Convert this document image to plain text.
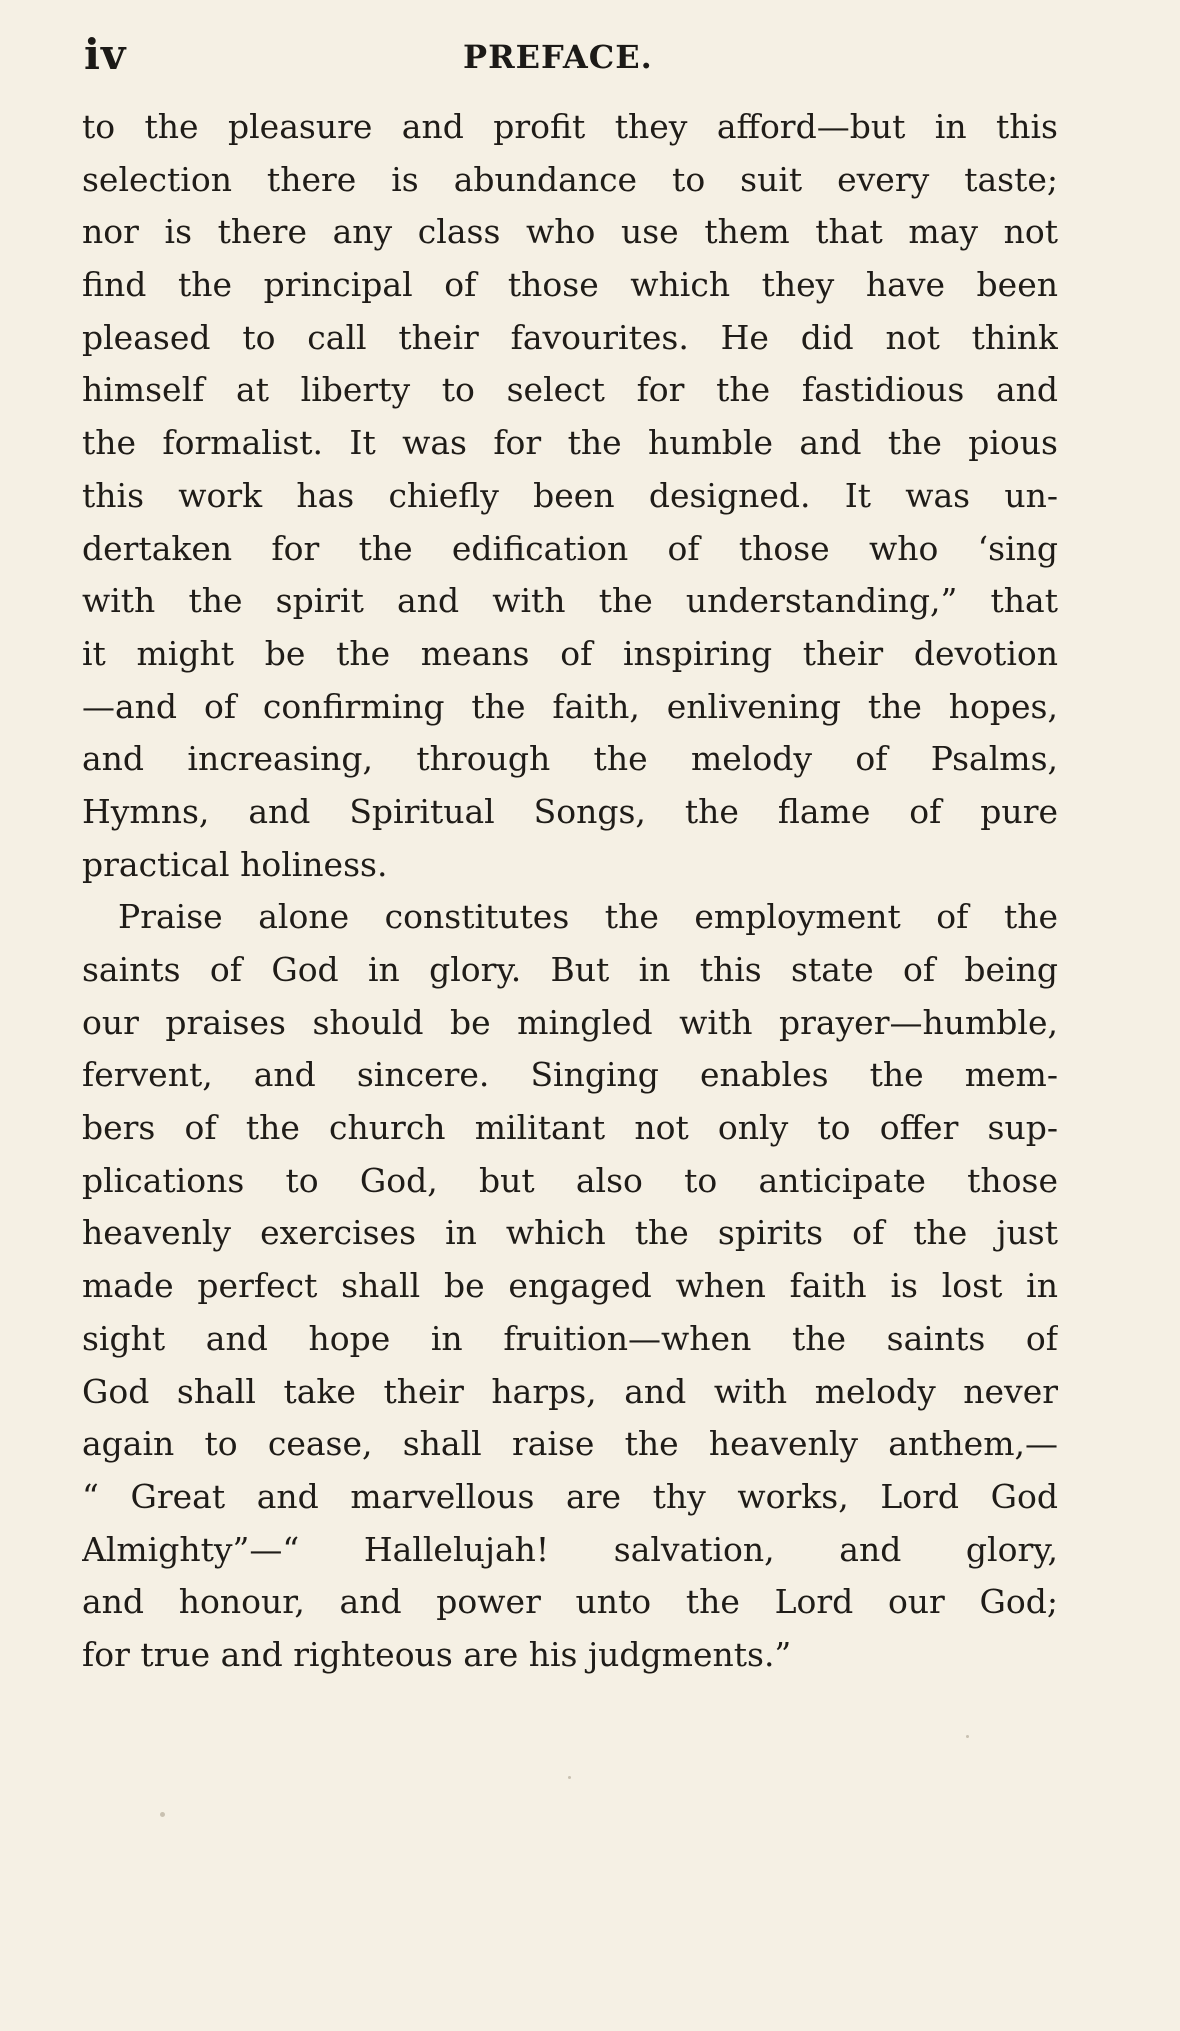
iv	PREFACE.
to the pleasure and profit they afford—but in this
selection there is abundance to suit every taste;
nor is there any class who use them that may not
find the principal of those which they have been
pleased to call their favourites. He did not think
himself at liberty to select for the fastidious and
the formalist. It was for the humble and the pious
this work has chiefly been designed. It was un-
dertaken for the edification of those who ‘sing
with the spirit and with the understanding,” that
it might be the means of inspiring their devotion
—and of confirming the faith, enlivening the hopes,
and increasing, through the melody of Psalms,
Hymns, and Spiritual Songs, the flame of pure
practical holiness.
Praise alone constitutes the employment of the
saints of God in glory. But in this state of being
our praises should be mingled with prayer—humble,
fervent, and sincere. Singing enables the mem-
bers of the church militant not only to offer sup-
plications to God, but also to anticipate those
heavenly exercises in which the spirits of the just
made perfect shall be engaged when faith is lost in
sight and hope in fruition—when the saints of
God shall take their harps, and with melody never
again to cease, shall raise the heavenly anthem,—
“ Great and marvellous are thy works, Lord God
Almighty”—“ Hallelujah! salvation, and glory,
and honour, and power unto the Lord our God;
for true and righteous are his judgments.”
